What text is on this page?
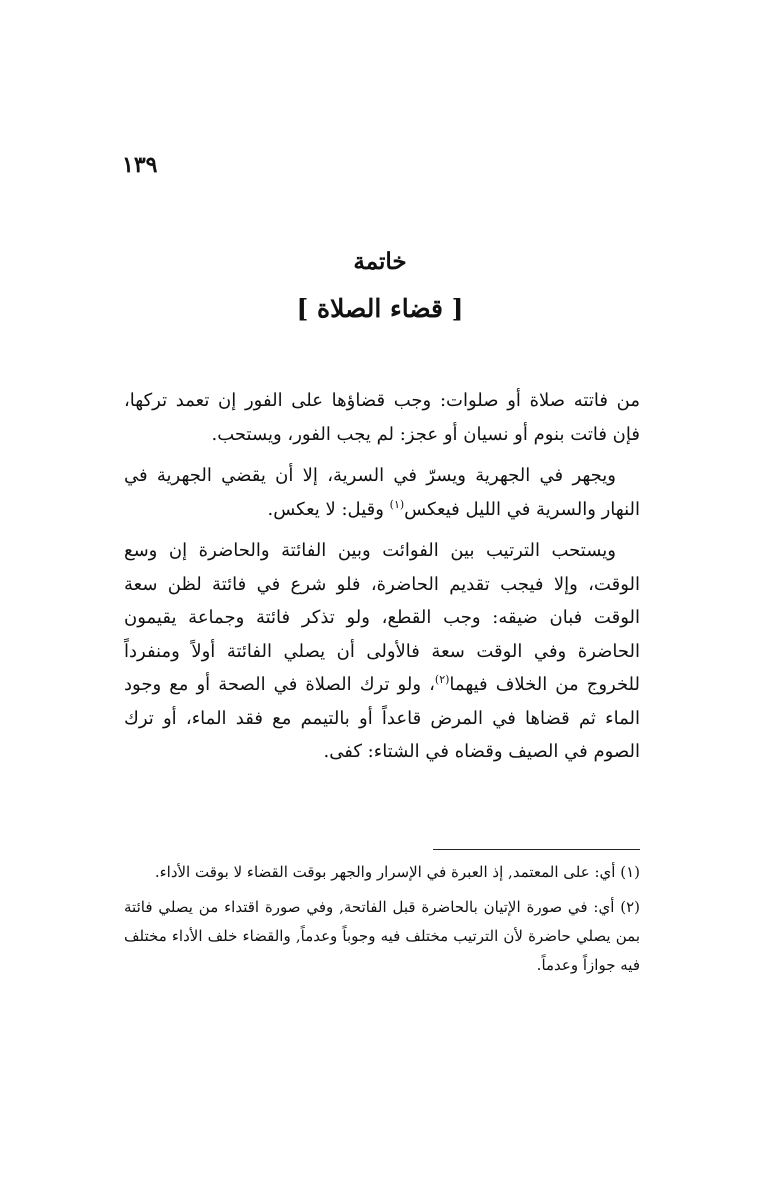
١٣٩
خاتمة
[ قضاء الصلاة ]

من فاتته صلاة أو صلوات: وجب قضاؤها على الفور إن تعمد تركها، فإن فاتت بنوم أو نسيان أو عجز: لم يجب الفور، ويستحب.

ويجهر في الجهرية ويسرّ في السرية، إلا أن يقضي الجهرية في النهار والسرية في الليل فيعكس$^{(١)}$ وقيل: لا يعكس.

ويستحب الترتيب بين الفوائت وبين الفائتة والحاضرة إن وسع الوقت، وإلا فيجب تقديم الحاضرة، فلو شرع في فائتة لظن سعة الوقت فبان ضيقه: وجب القطع، ولو تذكر فائتة وجماعة يقيمون الحاضرة وفي الوقت سعة فالأولى أن يصلي الفائتة أولاً ومنفرداً للخروج من الخلاف فيهما$^{(٢)}$، ولو ترك الصلاة في الصحة أو مع وجود الماء ثم قضاها في المرض قاعداً أو بالتيمم مع فقد الماء، أو ترك الصوم في الصيف وقضاه في الشتاء: كفى.

(١) أي: على المعتمد, إذ العبرة في الإسرار والجهر بوقت القضاء لا بوقت الأداء.

(٢) أي: في صورة الإتيان بالحاضرة قبل الفاتحة, وفي صورة اقتداء من يصلي فائتة بمن يصلي حاضرة لأن الترتيب مختلف فيه وجوباً وعدماً, والقضاء خلف الأداء مختلف فيه جوازاً وعدماً.
